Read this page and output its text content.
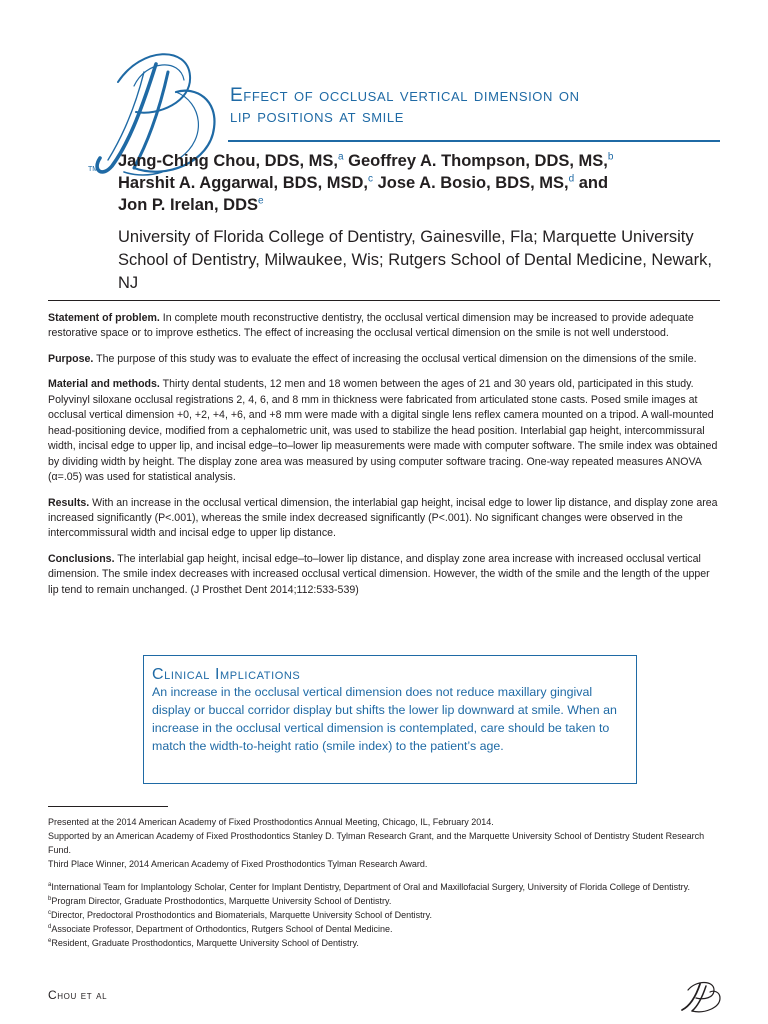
TM
Effect of occlusal vertical dimension on
lip positions at smile

Jang-Ching Chou, DDS, MS,$^a$ Geoffrey A. Thompson, DDS, MS,$^b$
Harshit A. Aggarwal, BDS, MSD,$^c$ Jose A. Bosio, BDS, MS,$^d$ and
Jon P. Irelan, DDS$^e$

University of Florida College of Dentistry, Gainesville, Fla; Marquette University School of Dentistry, Milwaukee, Wis; Rutgers School of Dental Medicine, Newark, NJ

Statement of problem. In complete mouth reconstructive dentistry, the occlusal vertical dimension may be increased to provide adequate restorative space or to improve esthetics. The effect of increasing the occlusal vertical dimension on the smile is not well understood.

Purpose. The purpose of this study was to evaluate the effect of increasing the occlusal vertical dimension on the dimensions of the smile.

Material and methods. Thirty dental students, 12 men and 18 women between the ages of 21 and 30 years old, participated in this study. Polyvinyl siloxane occlusal registrations 2, 4, 6, and 8 mm in thickness were fabricated from articulated stone casts. Posed smile images at occlusal vertical dimension +0, +2, +4, +6, and +8 mm were made with a digital single lens reflex camera mounted on a tripod. A wall-mounted head-positioning device, modified from a cephalometric unit, was used to stabilize the head position. Interlabial gap height, intercommissural width, incisal edge to upper lip, and incisal edge–to–lower lip measurements were made with computer software. The smile index was obtained by dividing width by height. The display zone area was measured by using computer software tracing. One-way repeated measures ANOVA (α=.05) was used for statistical analysis.

Results. With an increase in the occlusal vertical dimension, the interlabial gap height, incisal edge to lower lip distance, and display zone area increased significantly (P<.001), whereas the smile index decreased significantly (P<.001). No significant changes were observed in the intercommissural width and incisal edge to upper lip distance.

Conclusions. The interlabial gap height, incisal edge–to–lower lip distance, and display zone area increase with increased occlusal vertical dimension. The smile index decreases with increased occlusal vertical dimension. However, the width of the smile and the length of the upper lip tend to remain unchanged. (J Prosthet Dent 2014;112:533-539)

Clinical Implications

An increase in the occlusal vertical dimension does not reduce maxillary gingival display or buccal corridor display but shifts the lower lip downward at smile. When an increase in the occlusal vertical dimension is contemplated, care should be taken to match the width-to-height ratio (smile index) to the patient’s age.

Presented at the 2014 American Academy of Fixed Prosthodontics Annual Meeting, Chicago, IL, February 2014.

Supported by an American Academy of Fixed Prosthodontics Stanley D. Tylman Research Grant, and the Marquette University School of Dentistry Student Research Fund.

Third Place Winner, 2014 American Academy of Fixed Prosthodontics Tylman Research Award.

$^a$International Team for Implantology Scholar, Center for Implant Dentistry, Department of Oral and Maxillofacial Surgery, University of Florida College of Dentistry.

$^b$Program Director, Graduate Prosthodontics, Marquette University School of Dentistry.

$^c$Director, Predoctoral Prosthodontics and Biomaterials, Marquette University School of Dentistry.

$^d$Associate Professor, Department of Orthodontics, Rutgers School of Dental Medicine.

$^e$Resident, Graduate Prosthodontics, Marquette University School of Dentistry.

Chou et al
